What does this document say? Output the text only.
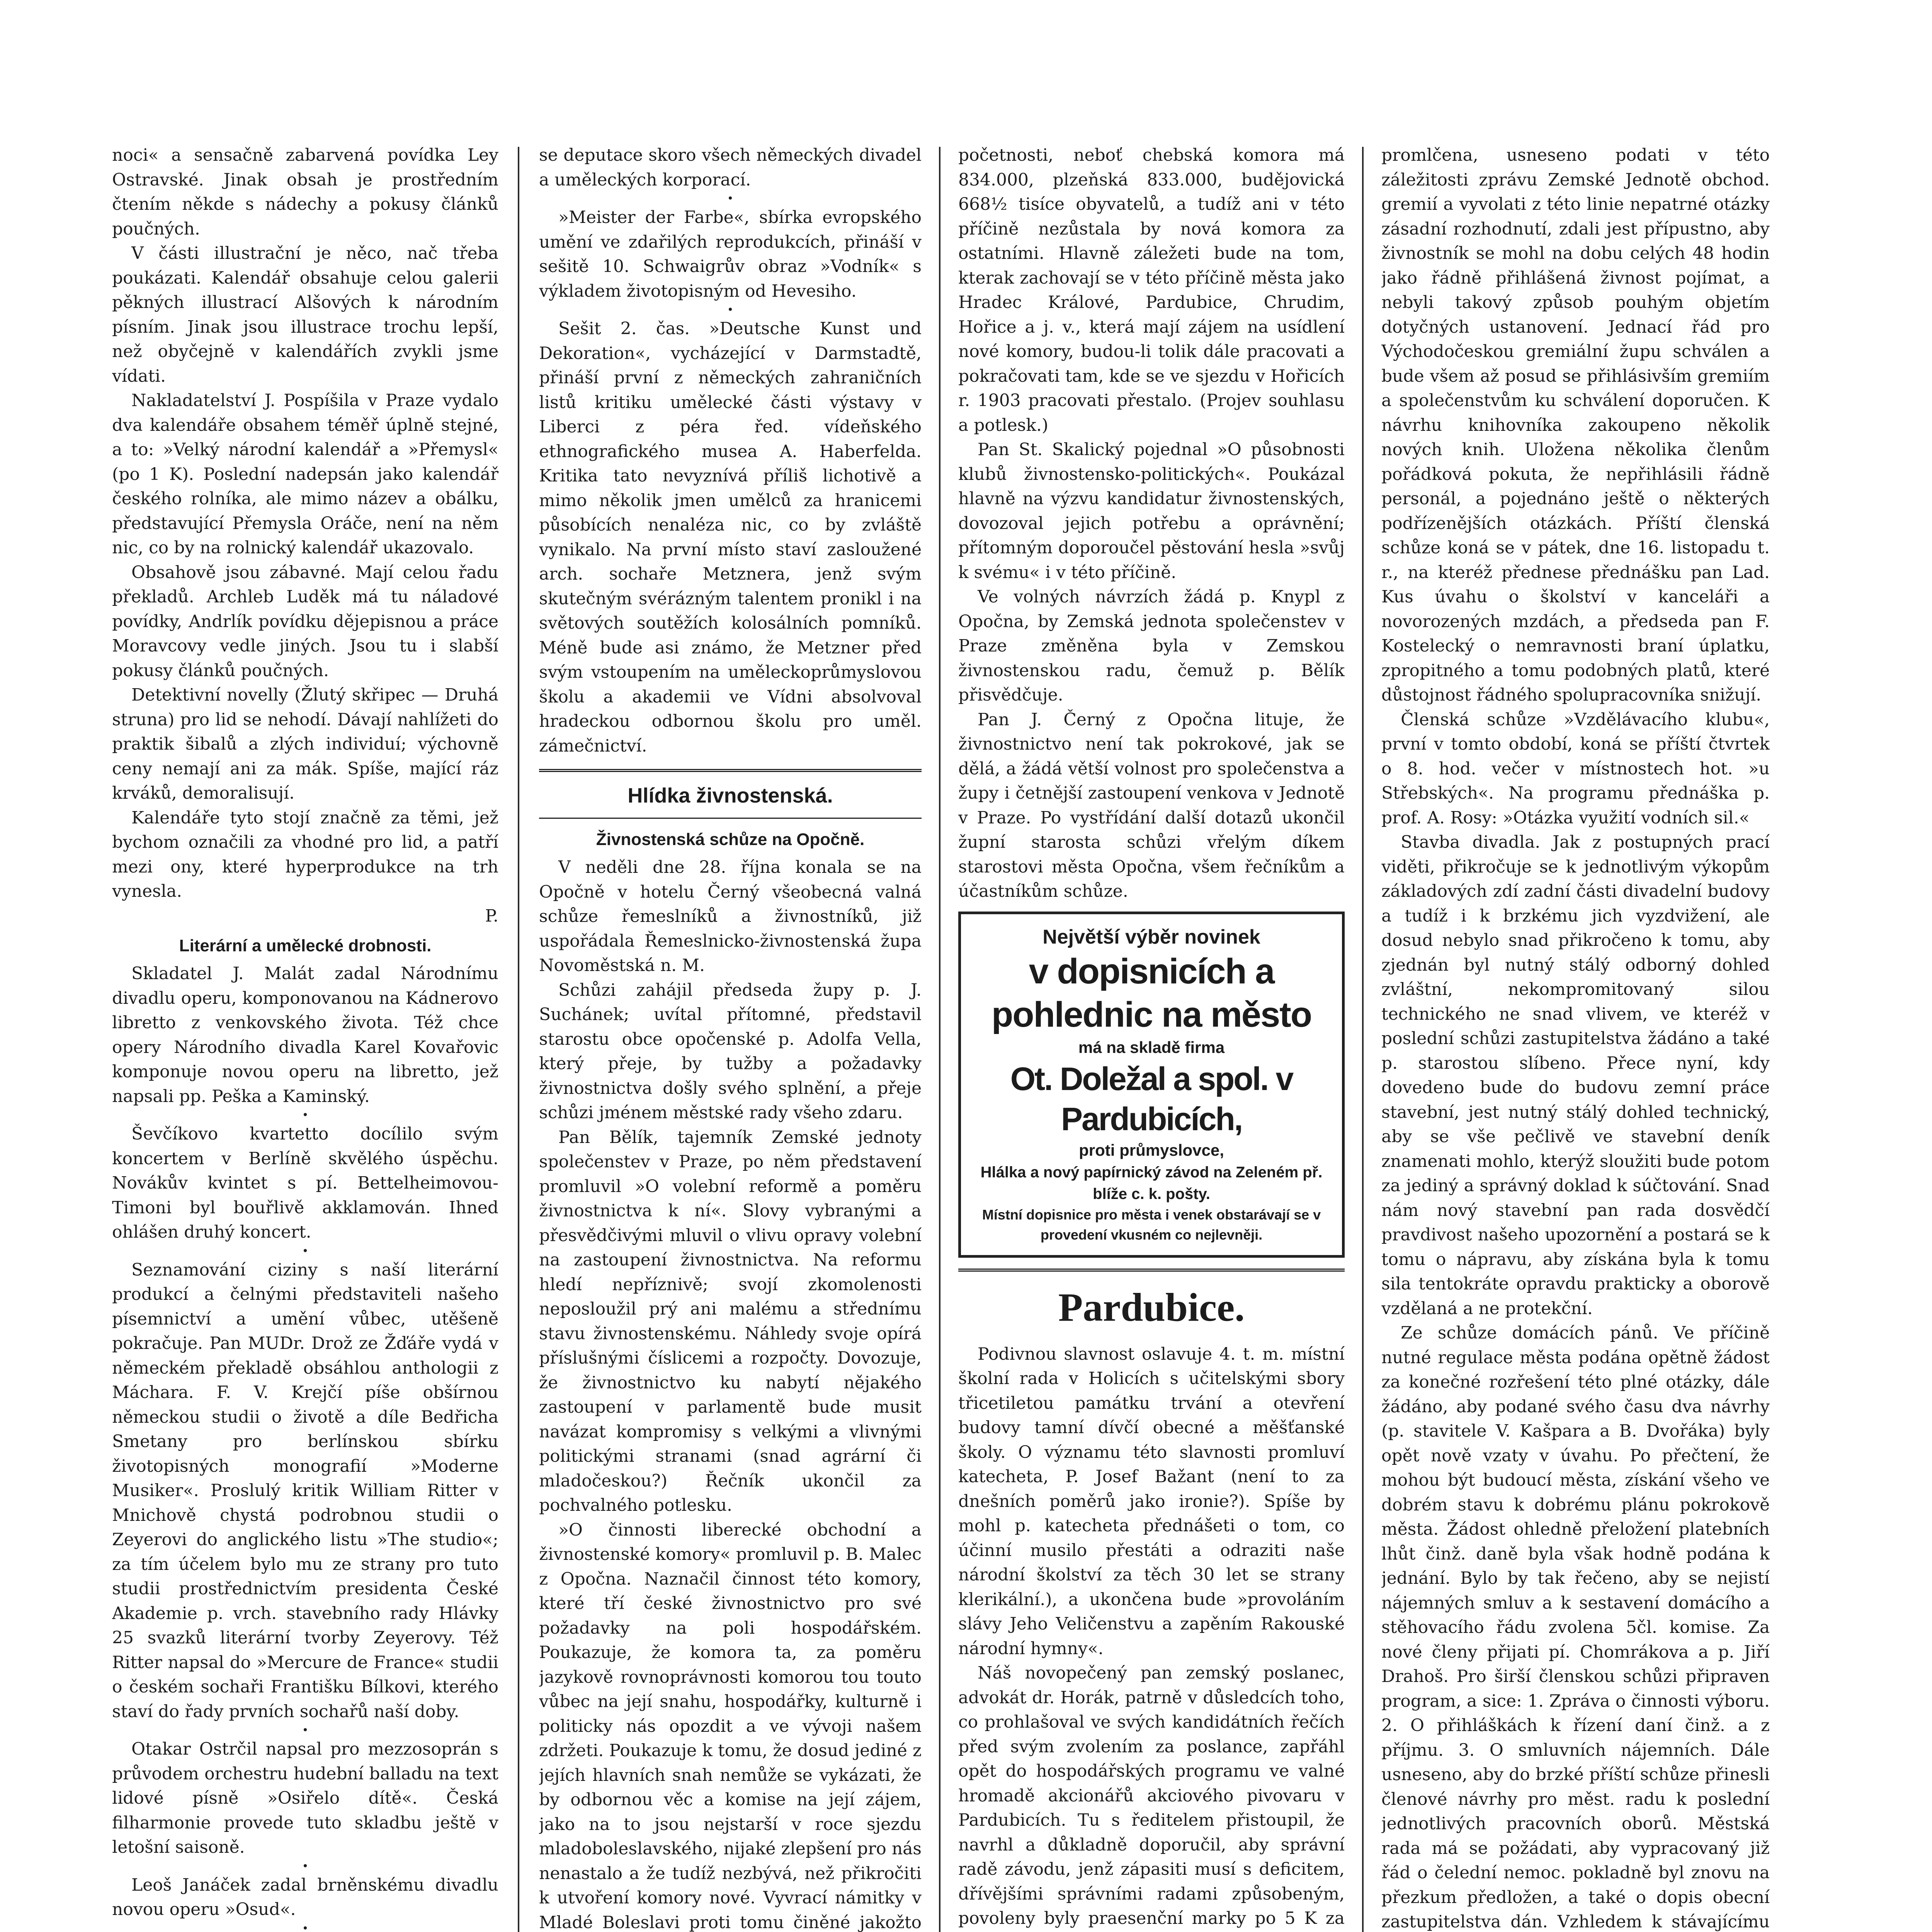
noci« a sensačně zabarvená povídka Ley Ostravské. Jinak obsah je prostředním čtením někde s nádechy a pokusy článků poučných.

V části illustrační je něco, nač třeba poukázati. Kalendář obsahuje celou galerii pěkných illustrací Alšových k národním písním. Jinak jsou illustrace trochu lepší, než obyčejně v kalendářích zvykli jsme vídati.

Nakladatelství J. Pospíšila v Praze vydalo dva kalendáře obsahem téměř úplně stejné, a to: »Velký národní kalendář a »Přemysl« (po 1 K). Poslední nadepsán jako kalendář českého rolníka, ale mimo název a obálku, představující Přemysla Oráče, není na něm nic, co by na rolnický kalendář ukazovalo.

Obsahově jsou zábavné. Mají celou řadu překladů. Archleb Luděk má tu náladové povídky, Andrlík povídku dějepisnou a práce Moravcovy vedle jiných. Jsou tu i slabší pokusy článků poučných.

Detektivní novelly (Žlutý skřipec — Druhá struna) pro lid se nehodí. Dávají nahlížeti do praktik šibalů a zlých individuí; výchovně ceny nemají ani za mák. Spíše, mající ráz krváků, demoralisují.

Kalendáře tyto stojí značně za těmi, jež bychom označili za vhodné pro lid, a patří mezi ony, které hyperprodukce na trh vynesla.

P.

Literární a umělecké drobnosti.

Skladatel J. Malát zadal Národnímu divadlu operu, komponovanou na Kádnerovo libretto z venkovského života. Též chce opery Národního divadla Karel Kovařovic komponuje novou operu na libretto, jež napsali pp. Peška a Kaminský.

•

Ševčíkovo kvartetto docílilo svým koncertem v Berlíně skvělého úspěchu. Novákův kvintet s pí. Bettelheimovou-Timoni byl bouřlivě akklamován. Ihned ohlášen druhý koncert.

•

Seznamování ciziny s naší literární produkcí a čelnými představiteli našeho písemnictví a umění vůbec, utěšeně pokračuje. Pan MUDr. Drož ze Žďáře vydá v německém překladě obsáhlou anthologii z Máchara. F. V. Krejčí píše obšírnou německou studii o životě a díle Bedřicha Smetany pro berlínskou sbírku životopisných monografií »Moderne Musiker«. Proslulý kritik William Ritter v Mnichově chystá podrobnou studii o Zeyerovi do anglického listu »The studio«; za tím účelem bylo mu ze strany pro tuto studii prostřednictvím presidenta České Akademie p. vrch. stavebního rady Hlávky 25 svazků literární tvorby Zeyerovy. Též Ritter napsal do »Mercure de France« studii o českém sochaři Františku Bílkovi, kterého staví do řady prvních sochařů naší doby.

•

Otakar Ostrčil napsal pro mezzosoprán s průvodem orchestru hudební balladu na text lidové písně »Osiřelo dítě«. Česká filharmonie provede tuto skladbu ještě v letošní saisoně.

•

Leoš Janáček zadal brněnskému divadlu novou operu »Osud«.

•

se deputace skoro všech německých divadel a uměleckých korporací.

•

»Meister der Farbe«, sbírka evropského umění ve zdařilých reprodukcích, přináší v sešitě 10. Schwaigrův obraz »Vodník« s výkladem životopisným od Hevesiho.

•

Sešit 2. čas. »Deutsche Kunst und Dekoration«, vycházející v Darmstadtě, přináší první z německých zahraničních listů kritiku umělecké části výstavy v Liberci z péra řed. vídeňského ethnografického musea A. Haberfelda. Kritika tato nevyznívá příliš lichotivě a mimo několik jmen umělců za hranicemi působících nenaléza nic, co by zvláště vynikalo. Na první místo staví zasloužené arch. sochaře Metznera, jenž svým skutečným svérázným talentem pronikl i na světových soutěžích kolosálních pomníků. Méně bude asi známo, že Metzner před svým vstoupením na uměleckoprůmyslovou školu a akademii ve Vídni absolvoval hradeckou odbornou školu pro uměl. zámečnictví.

Hlídka živnostenská.
Živnostenská schůze na Opočně.

V neděli dne 28. října konala se na Opočně v hotelu Černý všeobecná valná schůze řemeslníků a živnostníků, již uspořádala Řemeslnicko-živnostenská župa Novoměstská n. M.

Schůzi zahájil předseda župy p. J. Suchánek; uvítal přítomné, představil starostu obce opočenské p. Adolfa Vella, který přeje, by tužby a požadavky živnostnictva došly svého splnění, a přeje schůzi jménem městské rady všeho zdaru.

Pan Bělík, tajemník Zemské jednoty společenstev v Praze, po něm představení promluvil »O volební reformě a poměru živnostnictva k ní«. Slovy vybranými a přesvědčivými mluvil o vlivu opravy volební na zastoupení živnostnictva. Na reformu hledí nepříznivě; svojí zkomolenosti neposloužil prý ani malému a střednímu stavu živnostenskému. Náhledy svoje opírá příslušnými číslicemi a rozpočty. Dovozuje, že živnostnictvo ku nabytí nějakého zastoupení v parlamentě bude musit navázat kompromisy s velkými a vlivnými politickými stranami (snad agrární či mladočeskou?) Řečník ukončil za pochvalného potlesku.

»O činnosti liberecké obchodní a živnostenské komory« promluvil p. B. Malec z Opočna. Naznačil činnost této komory, které tří české živnostnictvo pro své požadavky na poli hospodářském. Poukazuje, že komora ta, za poměru jazykově rovnoprávnosti komorou tou touto vůbec na její snahu, hospodářky, kulturně i politicky nás opozdit a ve vývoji našem zdržeti. Poukazuje k tomu, že dosud jediné z jejích hlavních snah nemůže se vykázati, že by odbornou věc a komise na její zájem, jako na to jsou nejstarší v roce sjezdu mladoboleslavského, nijaké zlepšení pro nás nenastalo a že tudíž nezbývá, než přikročiti k utvoření komory nové. Vyvrací námitky v Mladé Boleslavi proti tomu činěné jakožto

početnosti, neboť chebská komora má 834.000, plzeňská 833.000, budějovická 668½ tisíce obyvatelů, a tudíž ani v této příčině nezůstala by nová komora za ostatními. Hlavně záležeti bude na tom, kterak zachovají se v této příčině města jako Hradec Králové, Pardubice, Chrudim, Hořice a j. v., která mají zájem na usídlení nové komory, budou-li tolik dále pracovati a pokračovati tam, kde se ve sjezdu v Hořicích r. 1903 pracovati přestalo. (Projev souhlasu a potlesk.)

Pan St. Skalický pojednal »O působnosti klubů živnostensko-politických«. Poukázal hlavně na výzvu kandidatur živnostenských, dovozoval jejich potřebu a oprávnění; přítomným doporoučel pěstování hesla »svůj k svému« i v této příčině.

Ve volných návrzích žádá p. Knypl z Opočna, by Zemská jednota společenstev v Praze změněna byla v Zemskou živnostenskou radu, čemuž p. Bělík přisvědčuje.

Pan J. Černý z Opočna lituje, že živnostnictvo není tak pokrokové, jak se dělá, a žádá větší volnost pro společenstva a župy i četnější zastoupení venkova v Jednotě v Praze. Po vystřídání další dotazů ukončil župní starosta schůzi vřelým díkem starostovi města Opočna, všem řečníkům a účastníkům schůze.

Největší výběr novinek
v dopisnicích a pohlednic na město
má na skladě firma
Ot. Doležal a spol. v Pardubicích,
proti průmyslovce,
Hlálka a nový papírnický závod na Zeleném př.
blíže c. k. pošty.
Místní dopisnice pro města i venek obstarávají se v provedení vkusném co nejlevněji.
Pardubice.

Podivnou slavnost oslavuje 4. t. m. místní školní rada v Holicích s učitelskými sbory třicetiletou památku trvání a otevření budovy tamní dívčí obecné a měšťanské školy. O významu této slavnosti promluví katecheta, P. Josef Bažant (není to za dnešních poměrů jako ironie?). Spíše by mohl p. katecheta přednášeti o tom, co účinní musilo přestáti a odraziti naše národní školství za těch 30 let se strany klerikální.), a ukončena bude »provoláním slávy Jeho Veličenstvu a zapěním Rakouské národní hymny«.

Náš novopečený pan zemský poslanec, advokát dr. Horák, patrně v důsledcích toho, co prohlašoval ve svých kandidátních řečích před svým zvolením za poslance, zapřáhl opět do hospodářských programu ve valné hromadě akcionářů akciového pivovaru v Pardubicích. Tu s ředitelem přistoupil, že navrhl a důkladně doporučil, aby správní radě závodu, jenž zápasiti musí s deficitem, dřívějšími správními radami způsobeným, povoleny byly praesenční marky po 5 K za

promlčena, usneseno podati v této záležitosti zprávu Zemské Jednotě obchod. gremií a vyvolati z této linie nepatrné otázky zásadní rozhodnutí, zdali jest přípustno, aby živnostník se mohl na dobu celých 48 hodin jako řádně přihlášená živnost pojímat, a nebyli takový způsob pouhým objetím dotyčných ustanovení. Jednací řád pro Východočeskou gremiální župu schválen a bude všem až posud se přihlásivším gremiím a společenstvům ku schválení doporučen. K návrhu knihovníka zakoupeno několik nových knih. Uložena několika členům pořádková pokuta, že nepřihlásili řádně personál, a pojednáno ještě o některých podřízenějších otázkách. Příští členská schůze koná se v pátek, dne 16. listopadu t. r., na kteréž přednese přednášku pan Lad. Kus úvahu o školství v kanceláři a novorozených mzdách, a předseda pan F. Kostelecký o nemravnosti braní úplatku, zpropitného a tomu podobných platů, které důstojnost řádného spolupracovníka snižují.

Členská schůze »Vzdělávacího klubu«, první v tomto období, koná se příští čtvrtek o 8. hod. večer v místnostech hot. »u Střebských«. Na programu přednáška p. prof. A. Rosy: »Otázka využití vodních sil.«

Stavba divadla. Jak z postupných prací viděti, přikročuje se k jednotlivým výkopům základových zdí zadní části divadelní budovy a tudíž i k brzkému jich vyzdvižení, ale dosud nebylo snad přikročeno k tomu, aby zjednán byl nutný stálý odborný dohled zvláštní, nekompromitovaný silou technického ne snad vlivem, ve kteréž v poslední schůzi zastupitelstva žádáno a také p. starostou slíbeno. Přece nyní, kdy dovedeno bude do budovu zemní práce stavební, jest nutný stálý dohled technický, aby se vše pečlivě ve stavební deník znamenati mohlo, kterýž sloužiti bude potom za jediný a správný doklad k súčtování. Snad nám nový stavební pan rada dosvědčí pravdivost našeho upozornění a postará se k tomu o nápravu, aby získána byla k tomu sila tentokráte opravdu prakticky a oborově vzdělaná a ne protekční.

Ze schůze domácích pánů. Ve příčině nutné regulace města podána opětně žádost za konečné rozřešení této plné otázky, dále žádáno, aby podané svého času dva návrhy (p. stavitele V. Kašpara a B. Dvořáka) byly opět nově vzaty v úvahu. Po přečtení, že mohou být budoucí města, získání všeho ve dobrém stavu k dobrému plánu pokrokově města. Žádost ohledně přeložení platebních lhůt činž. daně byla však hodně podána k jednání. Bylo by tak řečeno, aby se nejistí nájemných smluv a k sestavení domácího a stěhovacího řádu zvolena 5čl. komise. Za nové členy přijati pí. Chomrákova a p. Jiří Drahoš. Pro širší členskou schůzi připraven program, a sice: 1. Zpráva o činnosti výboru. 2. O přihláškách k řízení daní činž. a z příjmu. 3. O smluvních nájemních. Dále usneseno, aby do brzké příští schůze přinesli členové návrhy pro měst. radu k poslední jednotlivých pracovních oborů. Městská rada má se požádati, aby vypracovaný již řád o čelední nemoc. pokladně byl znovu na přezkum předložen, a také o dopis obecní zastupitelstva dán. Vzhledem k stávajícímu
